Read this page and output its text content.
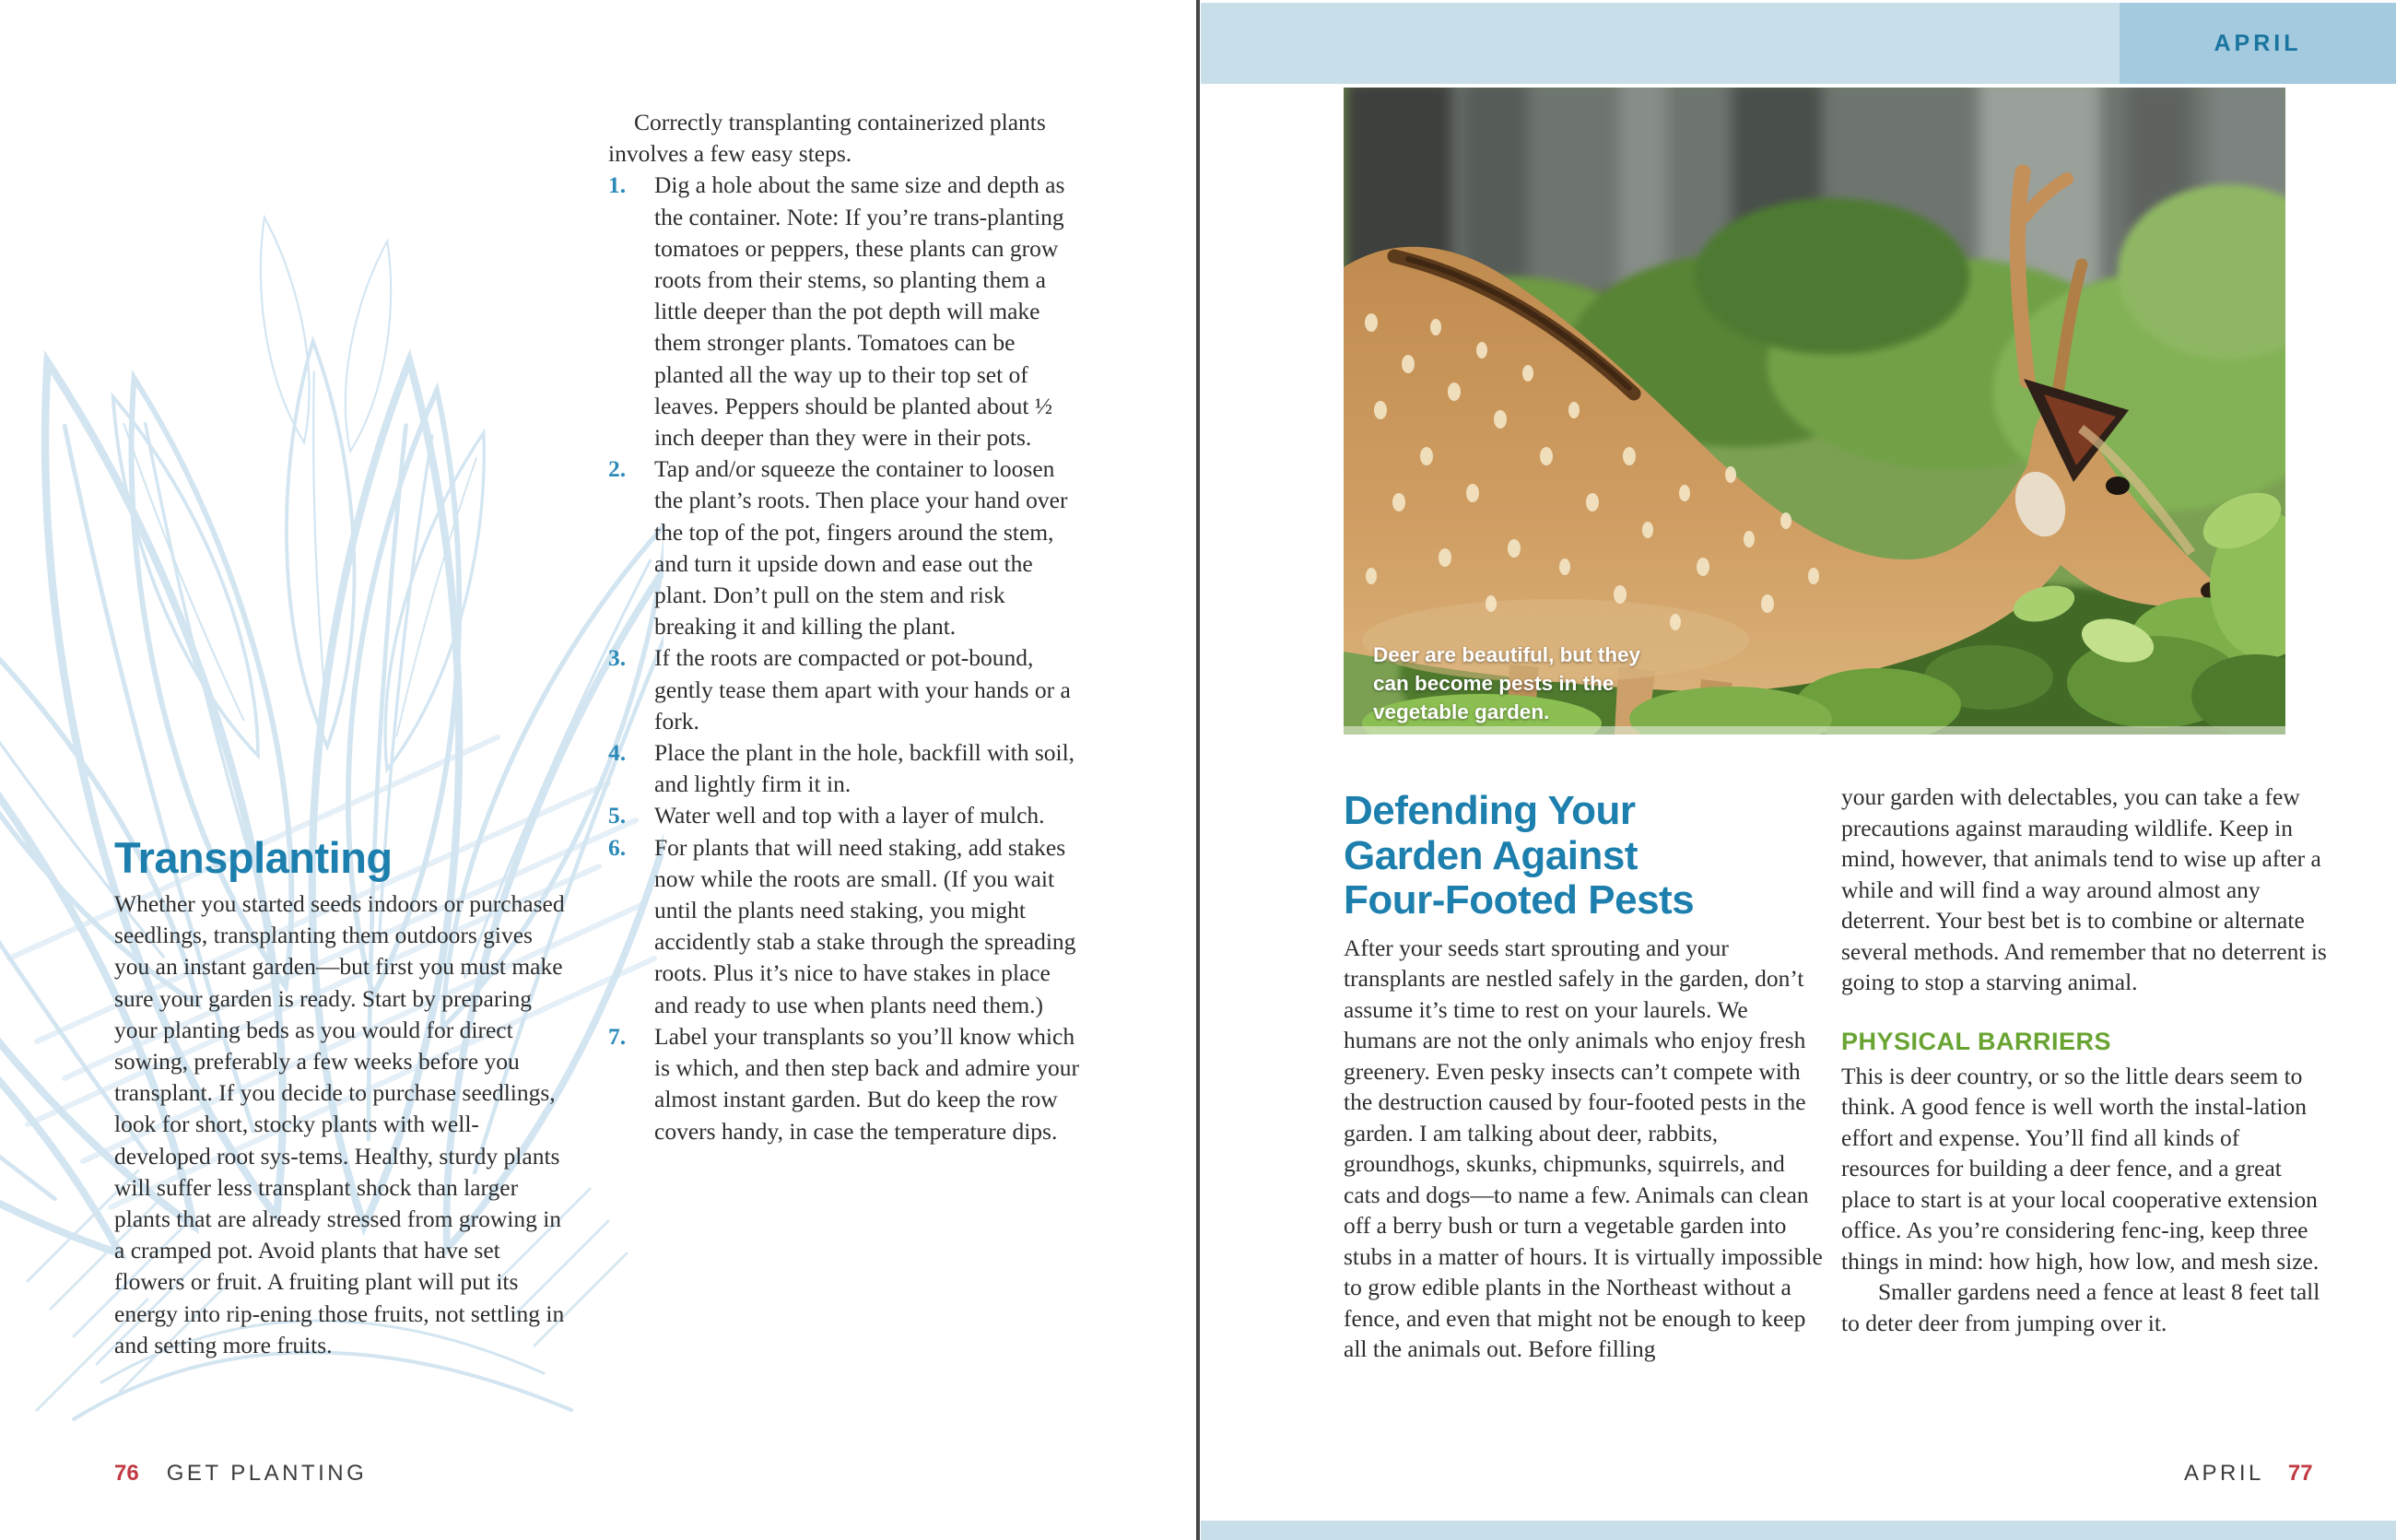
Correctly transplanting containerized plants involves a few easy steps.

1.	Dig a hole about the same size and depth as the container. Note: If you’re trans-planting tomatoes or peppers, these plants can grow roots from their stems, so planting them a little deeper than the pot depth will make them stronger plants. Tomatoes can be planted all the way up to their top set of leaves. Peppers should be planted about ½ inch deeper than they were in their pots.
2.	Tap and/or squeeze the container to loosen the plant’s roots. Then place your hand over the top of the pot, fingers around the stem, and turn it upside down and ease out the plant. Don’t pull on the stem and risk breaking it and killing the plant.
3.	If the roots are compacted or pot-bound, gently tease them apart with your hands or a fork.
4.	Place the plant in the hole, backfill with soil, and lightly firm it in.
5.	Water well and top with a layer of mulch.
6.	For plants that will need staking, add stakes now while the roots are small. (If you wait until the plants need staking, you might accidently stab a stake through the spreading roots. Plus it’s nice to have stakes in place and ready to use when plants need them.)
7.	Label your transplants so you’ll know which is which, and then step back and admire your almost instant garden. But do keep the row covers handy, in case the temperature dips.
Transplanting

Whether you started seeds indoors or purchased seedlings, transplanting them outdoors gives you an instant garden—but first you must make sure your garden is ready. Start by preparing your planting beds as you would for direct sowing, preferably a few weeks before you transplant. If you decide to purchase seedlings, look for short, stocky plants with well-developed root sys-tems. Healthy, sturdy plants will suffer less transplant shock than larger plants that are already stressed from growing in a cramped pot. Avoid plants that have set flowers or fruit. A fruiting plant will put its energy into rip-ening those fruits, not settling in and setting more fruits.

76 GET PLANTING
APRIL
Deer are beautiful, but they can become pests in the vegetable garden.
Defending Your
Garden Against
Four-Footed Pests

After your seeds start sprouting and your transplants are nestled safely in the garden, don’t assume it’s time to rest on your laurels. We humans are not the only animals who enjoy fresh greenery. Even pesky insects can’t compete with the destruction caused by four-footed pests in the garden. I am talking about deer, rabbits, groundhogs, skunks, chipmunks, squirrels, and cats and dogs—to name a few. Animals can clean off a berry bush or turn a vegetable garden into stubs in a matter of hours. It is virtually impossible to grow edible plants in the Northeast without a fence, and even that might not be enough to keep all the animals out. Before filling

your garden with delectables, you can take a few precautions against marauding wildlife. Keep in mind, however, that animals tend to wise up after a while and will find a way around almost any deterrent. Your best bet is to combine or alternate several methods. And remember that no deterrent is going to stop a starving animal.

PHYSICAL BARRIERS

This is deer country, or so the little dears seem to think. A good fence is well worth the instal-lation effort and expense. You’ll find all kinds of resources for building a deer fence, and a great place to start is at your local cooperative extension office. As you’re considering fenc-ing, keep three things in mind: how high, how low, and mesh size.

Smaller gardens need a fence at least 8 feet tall to deter deer from jumping over it.

APRIL 77
